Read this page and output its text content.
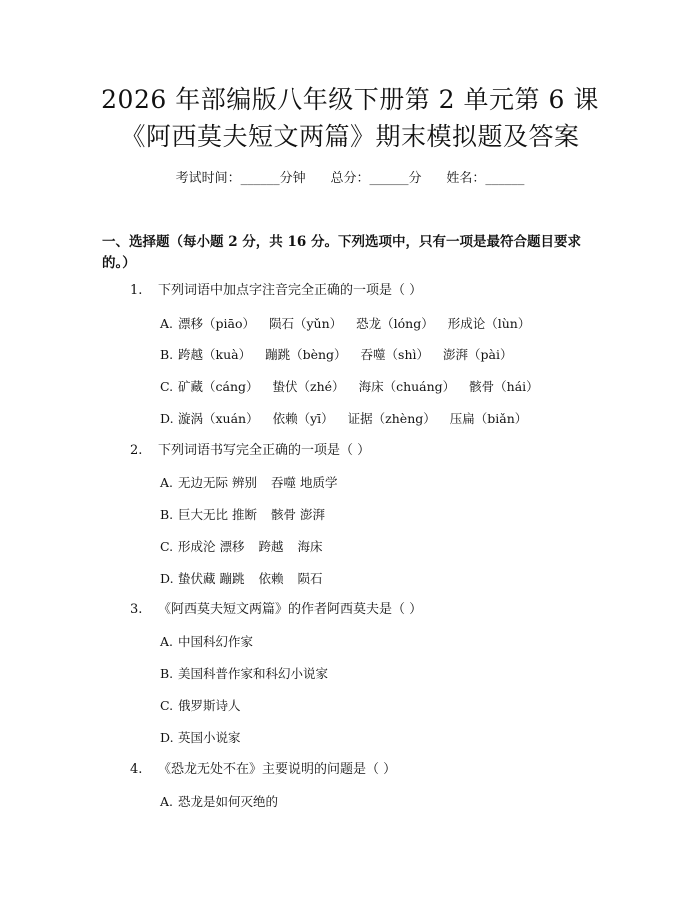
2026 年部编版八年级下册第 2 单元第 6 课
《阿西莫夫短文两篇》期末模拟题及答案
考试时间：______分钟 总分：______分 姓名：______
一、选择题（每小题 2 分，共 16 分。下列选项中，只有一项是最符合题目要求
的。）
1. 下列词语中加点字注音完全正确的一项是（ ）
A. 漂移（piāo） 陨石（yǔn） 恐龙（lóng） 形成论（lùn）
B. 跨越（kuà） 蹦跳（bèng） 吞噬（shì） 澎湃（pài）
C. 矿藏（cáng） 蛰伏（zhé） 海床（chuáng） 骸骨（hái）
D. 漩涡（xuán） 依赖（yī） 证据（zhèng） 压扁（biǎn）
2. 下列词语书写完全正确的一项是（ ）
A. 无边无际 辨别 吞噬 地质学
B. 巨大无比 推断 骸骨 澎湃
C. 形成沦 漂移 跨越 海床
D. 蛰伏藏 蹦跳 依赖 陨石
3. 《阿西莫夫短文两篇》的作者阿西莫夫是（ ）
A. 中国科幻作家
B. 美国科普作家和科幻小说家
C. 俄罗斯诗人
D. 英国小说家
4. 《恐龙无处不在》主要说明的问题是（ ）
A. 恐龙是如何灭绝的
